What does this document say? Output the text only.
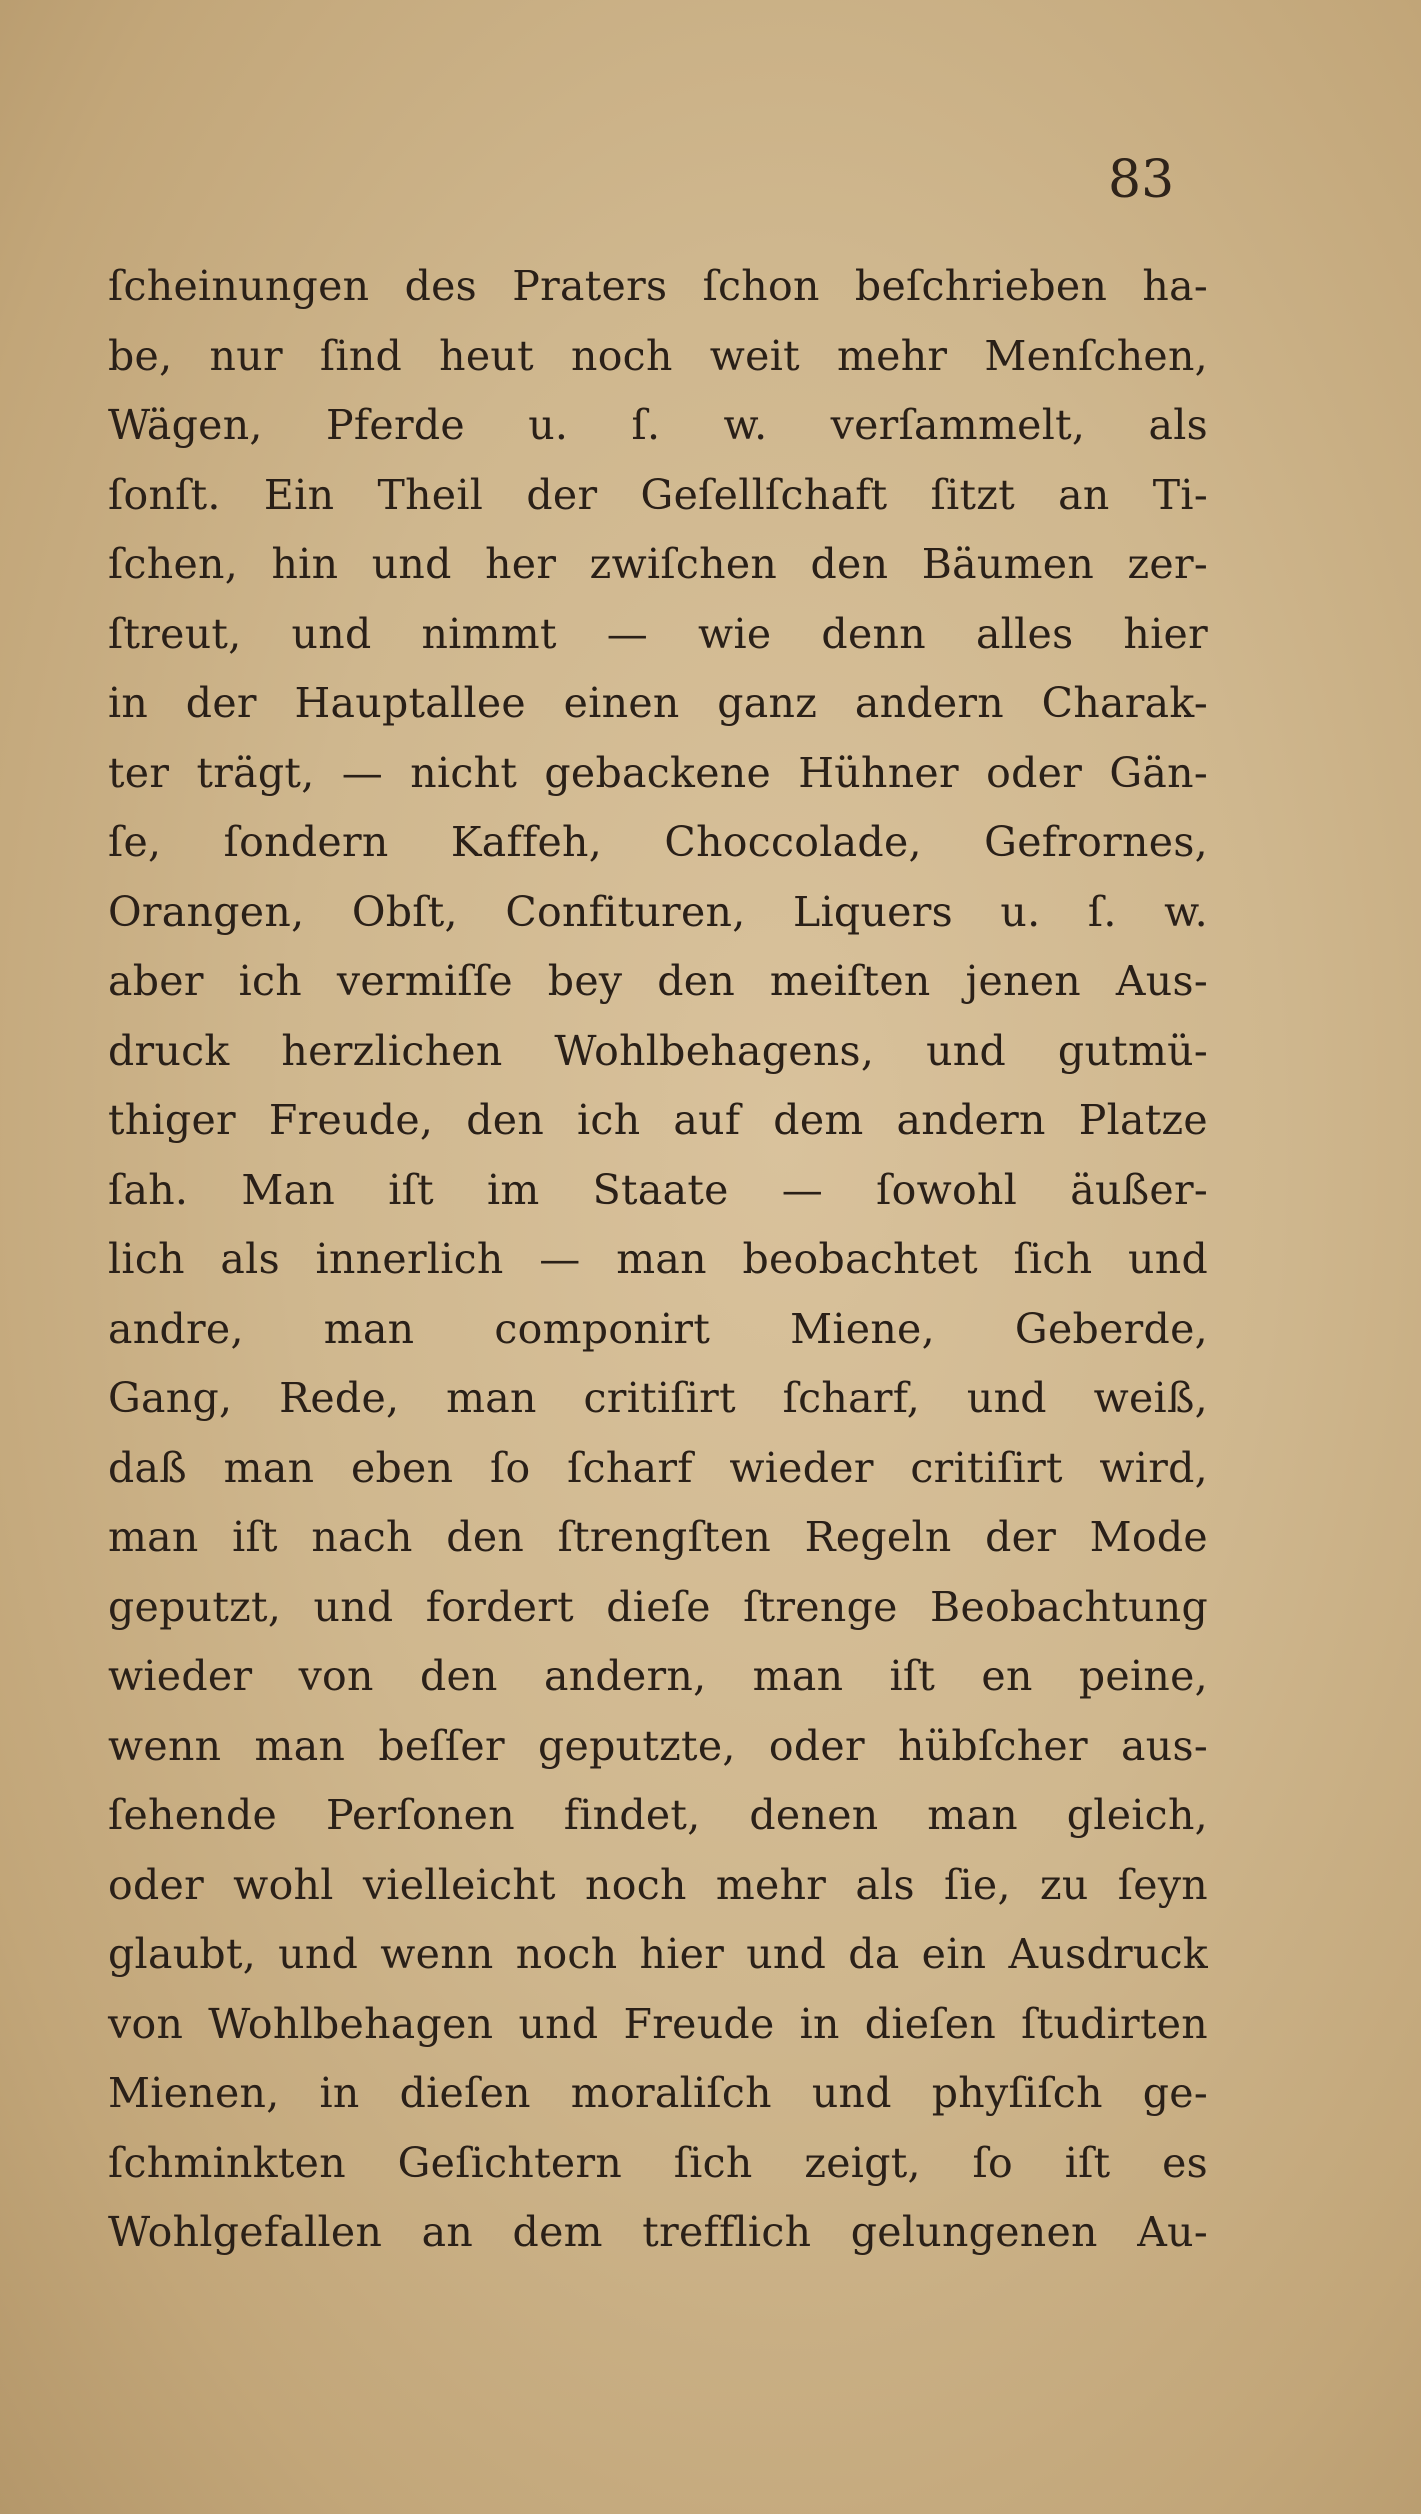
83
ſcheinungen des Praters ſchon beſchrieben ha-
be, nur ſind heut noch weit mehr Menſchen,
Wägen, Pferde u. ſ. w. verſammelt, als
ſonſt. Ein Theil der Geſellſchaft ſitzt an Ti-
ſchen, hin und her zwiſchen den Bäumen zer-
ſtreut, und nimmt — wie denn alles hier
in der Hauptallee einen ganz andern Charak-
ter trägt, — nicht gebackene Hühner oder Gän-
ſe, ſondern Kaffeh, Choccolade, Gefrornes,
Orangen, Obſt, Confituren, Liquers u. ſ. w.
aber ich vermiſſe bey den meiſten jenen Aus-
druck herzlichen Wohlbehagens, und gutmü-
thiger Freude, den ich auf dem andern Platze
ſah. Man iſt im Staate — ſowohl äußer-
lich als innerlich — man beobachtet ſich und
andre, man componirt Miene, Geberde,
Gang, Rede, man critiſirt ſcharf, und weiß,
daß man eben ſo ſcharf wieder critiſirt wird,
man iſt nach den ſtrengſten Regeln der Mode
geputzt, und fordert dieſe ſtrenge Beobachtung
wieder von den andern, man iſt en peine,
wenn man beſſer geputzte, oder hübſcher aus-
ſehende Perſonen findet, denen man gleich,
oder wohl vielleicht noch mehr als ſie, zu ſeyn
glaubt, und wenn noch hier und da ein Ausdruck
von Wohlbehagen und Freude in dieſen ſtudirten
Mienen, in dieſen moraliſch und phyſiſch ge-
ſchminkten Geſichtern ſich zeigt, ſo iſt es
Wohlgefallen an dem trefflich gelungenen Au-
